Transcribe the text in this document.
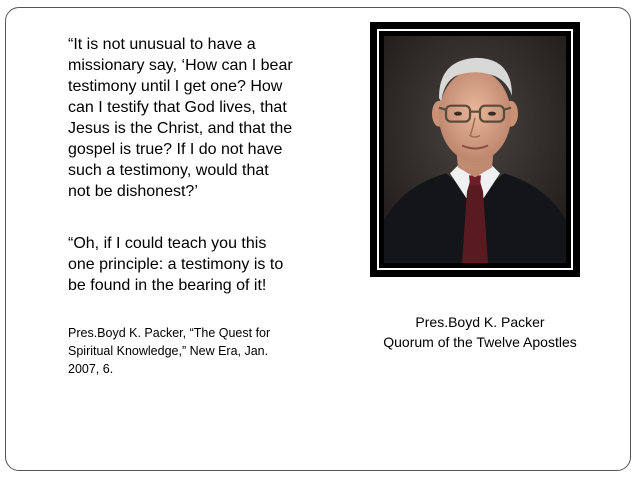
“It is not unusual to have a
missionary say, ‘How can I bear
testimony until I get one? How
can I testify that God lives, that
Jesus is the Christ, and that the
gospel is true? If I do not have
such a testimony, would that
not be dishonest?’

“Oh, if I could teach you this
one principle: a testimony is to
be found in the bearing of it!

Pres.Boyd K. Packer, “The Quest for
Spiritual Knowledge,” New Era, Jan.
2007, 6.

Pres.Boyd K. Packer
Quorum of the Twelve Apostles
